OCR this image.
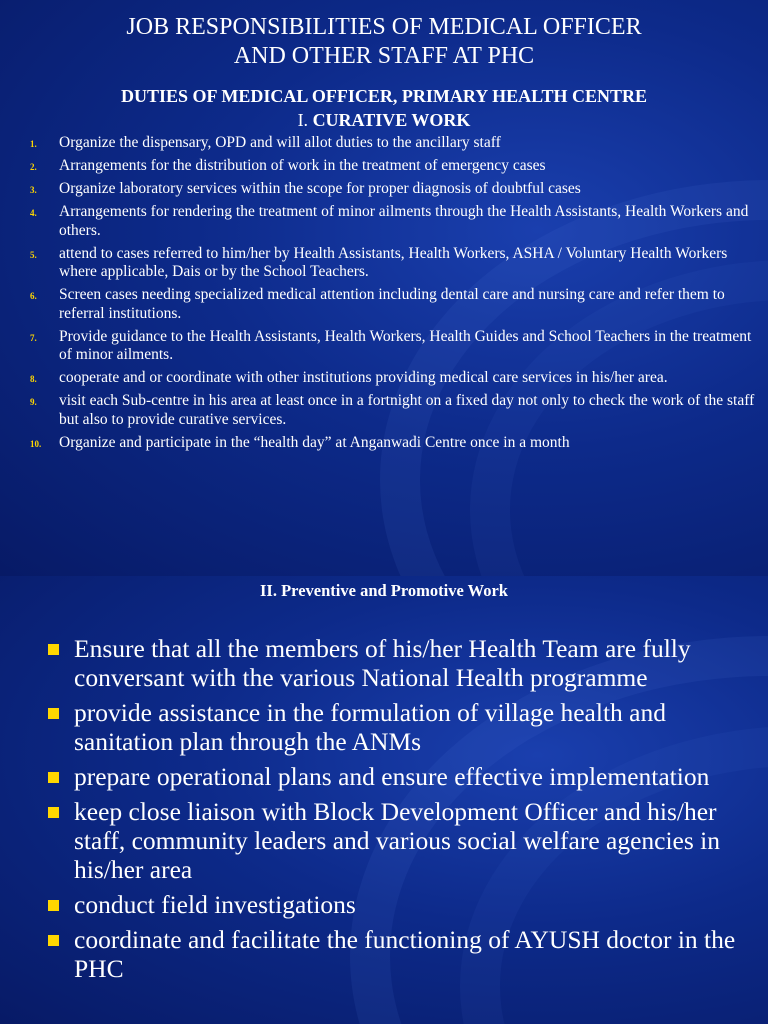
JOB RESPONSIBILITIES OF MEDICAL OFFICER
AND OTHER STAFF AT PHC
DUTIES OF MEDICAL OFFICER, PRIMARY HEALTH CENTRE
I. CURATIVE WORK
1. Organize the dispensary, OPD and will allot duties to the ancillary staff
2. Arrangements for the distribution of work in the treatment of emergency cases
3. Organize laboratory services within the scope for proper diagnosis of doubtful cases
4. Arrangements for rendering the treatment of minor ailments through the Health Assistants, Health Workers and others.
5. attend to cases referred to him/her by Health Assistants, Health Workers, ASHA / Voluntary Health Workers where applicable, Dais or by the School Teachers.
6. Screen cases needing specialized medical attention including dental care and nursing care and refer them to referral institutions.
7. Provide guidance to the Health Assistants, Health Workers, Health Guides and School Teachers in the treatment of minor ailments.
8. cooperate and or coordinate with other institutions providing medical care services in his/her area.
9. visit each Sub-centre in his area at least once in a fortnight on a fixed day not only to check the work of the staff but also to provide curative services.
10. Organize and participate in the “health day” at Anganwadi Centre once in a month
II. Preventive and Promotive Work
Ensure that all the members of his/her Health Team are fully conversant with the various National Health programme
provide assistance in the formulation of village health and sanitation plan through the ANMs
prepare operational plans and ensure effective implementation
keep close liaison with Block Development Officer and his/her staff, community leaders and various social welfare agencies in his/her area
conduct field investigations
coordinate and facilitate the functioning of AYUSH doctor in the PHC
